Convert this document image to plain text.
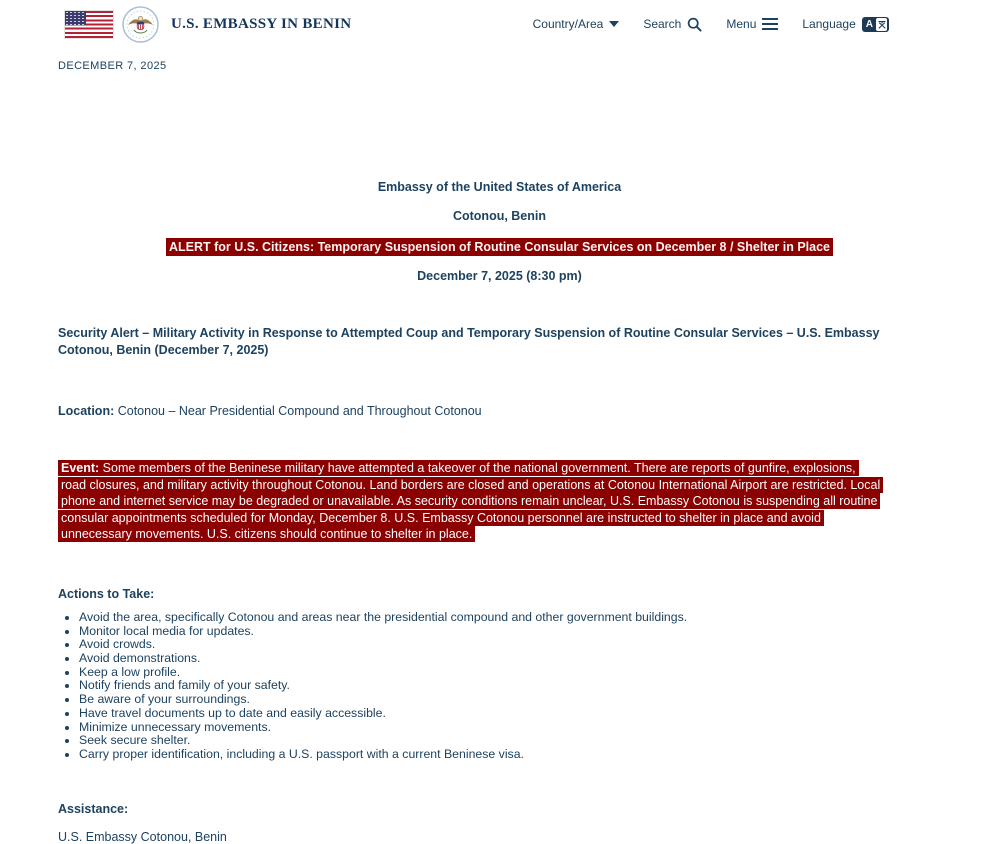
U.S. EMBASSY IN BENIN	Country/Area	Search	Menu	Language A
DECEMBER 7, 2025

Embassy of the United States of America

Cotonou, Benin

ALERT for U.S. Citizens: Temporary Suspension of Routine Consular Services on December 8 / Shelter in Place

December 7, 2025 (8:30 pm)

Security Alert – Military Activity in Response to Attempted Coup and Temporary Suspension of Routine Consular Services – U.S. Embassy Cotonou, Benin (December 7, 2025)
Location: Cotonou – Near Presidential Compound and Throughout Cotonou
Event: Some members of the Beninese military have attempted a takeover of the national government. There are reports of gunfire, explosions, road closures, and military activity throughout Cotonou. Land borders are closed and operations at Cotonou International Airport are restricted. Local phone and internet service may be degraded or unavailable. As security conditions remain unclear, U.S. Embassy Cotonou is suspending all routine consular appointments scheduled for Monday, December 8. U.S. Embassy Cotonou personnel are instructed to shelter in place and avoid unnecessary movements. U.S. citizens should continue to shelter in place.
Actions to Take:
• Avoid the area, specifically Cotonou and areas near the presidential compound and other government buildings.
• Monitor local media for updates.
• Avoid crowds.
• Avoid demonstrations.
• Keep a low profile.
• Notify friends and family of your safety.
• Be aware of your surroundings.
• Have travel documents up to date and easily accessible.
• Minimize unnecessary movements.
• Seek secure shelter.
• Carry proper identification, including a U.S. passport with a current Beninese visa.
Assistance:
U.S. Embassy Cotonou, Benin
